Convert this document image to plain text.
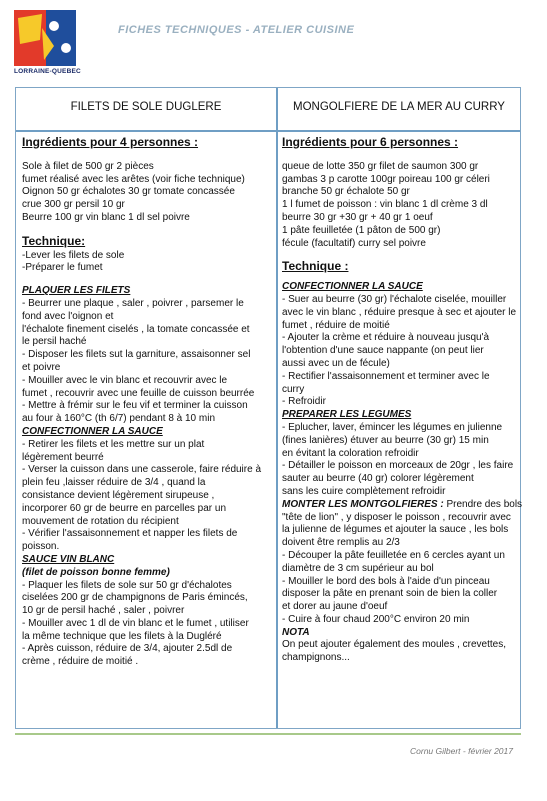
LORRAINE-QUEBEC
FICHES TECHNIQUES - ATELIER CUISINE
FILETS DE SOLE DUGLERE	MONGOLFIERE DE LA MER AU CURRY
Ingrédients pour 4 personnes :
Sole à filet de 500 gr 2 pièces
fumet réalisé avec les arêtes (voir fiche technique)
Oignon 50 gr échalotes 30 gr tomate concassée
crue 300 gr persil 10 gr
Beurre 100 gr vin blanc 1 dl sel poivre
Technique:
-Lever les filets de sole
-Préparer le fumet
PLAQUER LES FILETS
- Beurrer une plaque , saler , poivrer , parsemer le
fond avec l'oignon et
l'échalote finement ciselés , la tomate concassée et
le persil haché
- Disposer les filets sut la garniture, assaisonner sel
et poivre
- Mouiller avec le vin blanc et recouvrir avec le
fumet , recouvrir avec une feuille de cuisson beurrée
- Mettre à frémir sur le feu vif et terminer la cuisson
au four à 160°C (th 6/7) pendant 8 à 10 min
CONFECTIONNER LA SAUCE
- Retirer les filets et les mettre sur un plat
légèrement beurré
- Verser la cuisson dans une casserole, faire réduire à
plein feu ,laisser réduire de 3/4 , quand la
consistance devient légèrement sirupeuse ,
incorporer 60 gr de beurre en parcelles par un
mouvement de rotation du récipient
- Vérifier l'assaisonnement et napper les filets de
poisson.
SAUCE VIN BLANC
(filet de poisson bonne femme)
- Plaquer les filets de sole sur 50 gr d'échalotes
ciselées 200 gr de champignons de Paris émincés,
10 gr de persil haché , saler , poivrer
- Mouiller avec 1 dl de vin blanc et le fumet , utiliser
la même technique que les filets à la Dugléré
- Après cuisson, réduire de 3/4, ajouter 2.5dl de
crème , réduire de moitié .
Ingrédients pour 6 personnes :
queue de lotte 350 gr filet de saumon 300 gr
gambas 3 p carotte 100gr poireau 100 gr céleri
branche 50 gr échalote 50 gr
1 l fumet de poisson : vin blanc 1 dl crème 3 dl
beurre 30 gr +30 gr + 40 gr 1 oeuf
1 pâte feuilletée (1 pâton de 500 gr)
fécule (facultatif) curry sel poivre
Technique :
CONFECTIONNER LA SAUCE
- Suer au beurre (30 gr) l'échalote ciselée, mouiller
avec le vin blanc , réduire presque à sec et ajouter le
fumet , réduire de moitié
- Ajouter la crème et réduire à nouveau jusqu'à
l'obtention d'une sauce nappante (on peut lier
aussi avec un de fécule)
- Rectifier l'assaisonnement et terminer avec le
curry
- Refroidir
PREPARER LES LEGUMES
- Eplucher, laver, émincer les légumes en julienne
(fines lanières) étuver au beurre (30 gr) 15 min
en évitant la coloration refroidir
- Détailler le poisson en morceaux de 20gr , les faire
sauter au beurre (40 gr) colorer légèrement
sans les cuire complètement refroidir
MONTER LES MONTGOLFIERES : Prendre des bols
"tête de lion" , y disposer le poisson , recouvrir avec
la julienne de légumes et ajouter la sauce , les bols
doivent être remplis au 2/3
- Découper la pâte feuilletée en 6 cercles ayant un
diamètre de 3 cm supérieur au bol
- Mouiller le bord des bols à l'aide d'un pinceau
disposer la pâte en prenant soin de bien la coller
et dorer au jaune d'oeuf
- Cuire à four chaud 200°C environ 20 min
NOTA
On peut ajouter également des moules , crevettes,
champignons...
Cornu Gilbert - février 2017
